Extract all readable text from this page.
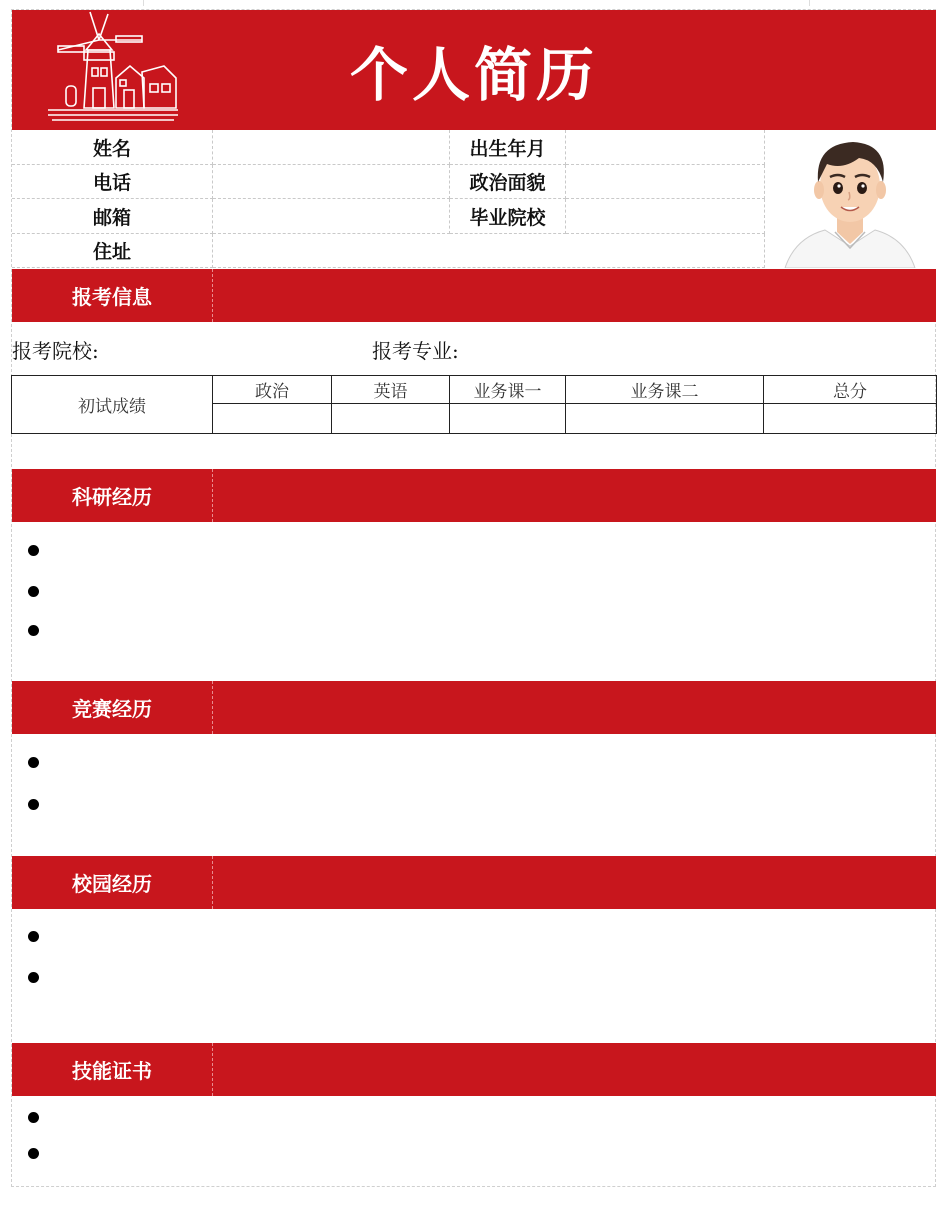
个人简历
姓名	出生年月
电话	政治面貌
邮箱	毕业院校
住址
报考信息
报考院校:	报考专业:
初试成绩
政治	英语	业务课一	业务课二	总分
科研经历
竞赛经历
校园经历
技能证书
